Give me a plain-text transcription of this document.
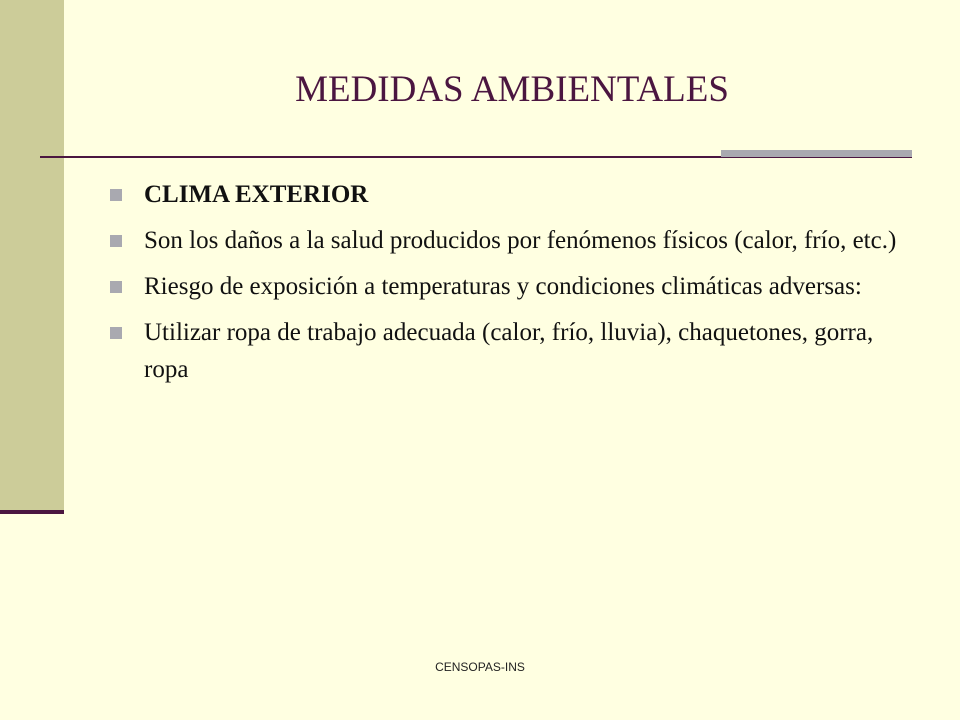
MEDIDAS AMBIENTALES
CLIMA EXTERIOR
Son los daños a la salud producidos por fenómenos físicos (calor, frío, etc.)
Riesgo de exposición a temperaturas y condiciones climáticas adversas:
Utilizar ropa de trabajo adecuada (calor, frío, lluvia), chaquetones, gorra, ropa
CENSOPAS-INS
